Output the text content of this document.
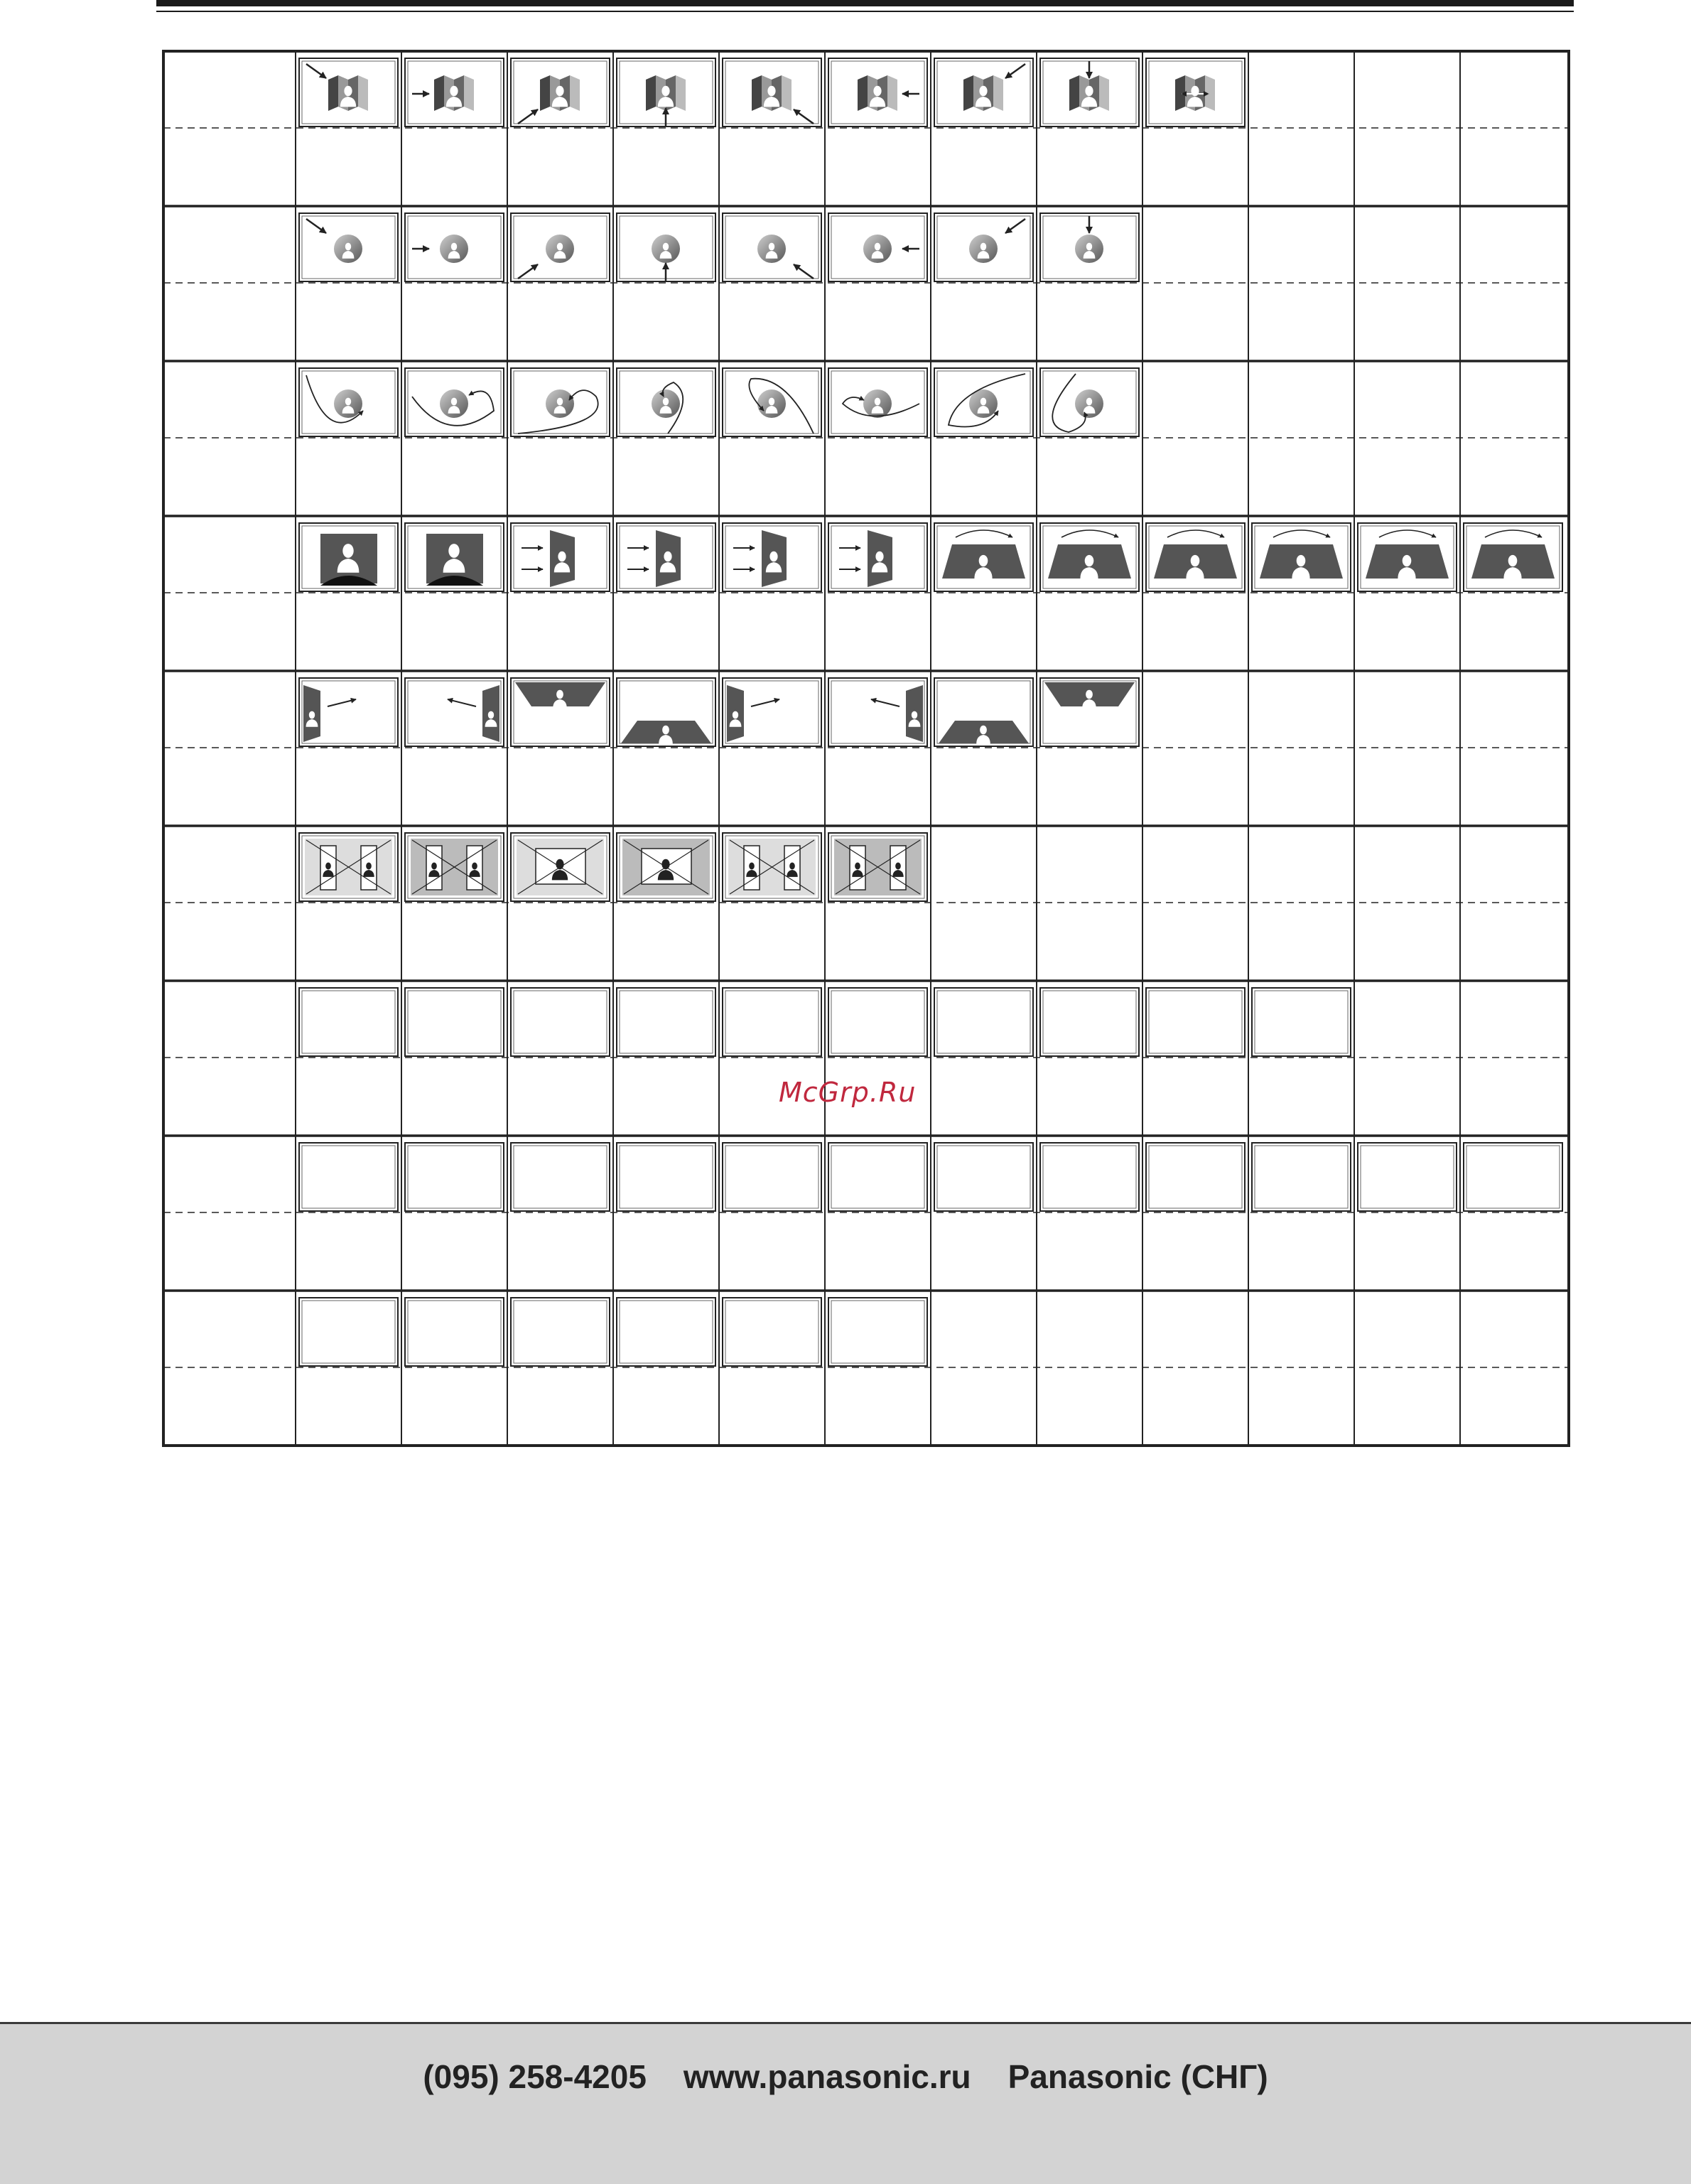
McGrp.Ru
(095) 258-4205 www.panasonic.ru Panasonic (СНГ)
